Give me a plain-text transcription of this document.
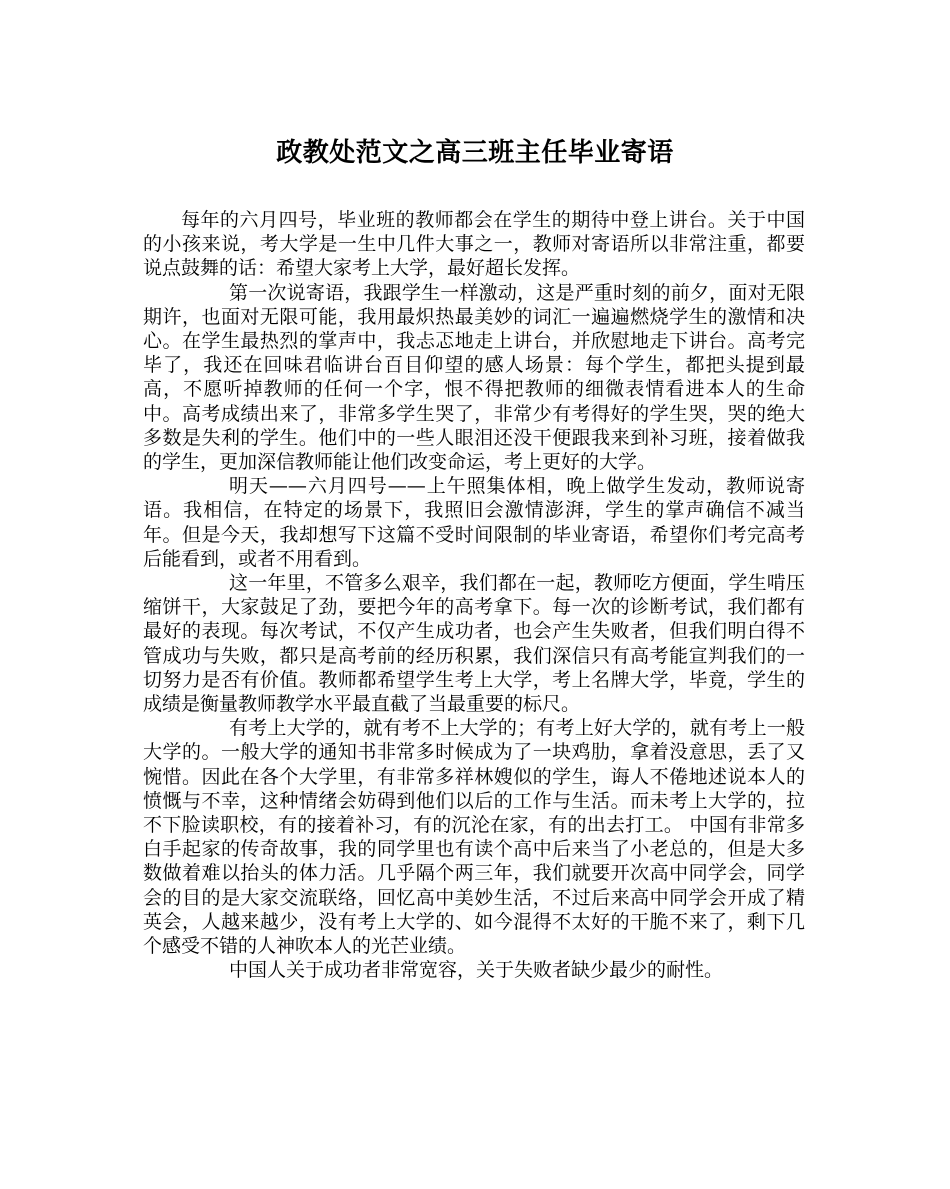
政教处范文之高三班主任毕业寄语

每年的六月四号，毕业班的教师都会在学生的期待中登上讲台。关于中国的小孩来说，考大学是一生中几件大事之一，教师对寄语所以非常注重，都要说点鼓舞的话：希望大家考上大学，最好超长发挥。

第一次说寄语，我跟学生一样激动，这是严重时刻的前夕，面对无限期许，也面对无限可能，我用最炽热最美妙的词汇一遍遍燃烧学生的激情和决心。在学生最热烈的掌声中，我忐忑地走上讲台，并欣慰地走下讲台。高考完毕了，我还在回味君临讲台百目仰望的感人场景：每个学生，都把头提到最高，不愿听掉教师的任何一个字，恨不得把教师的细微表情看进本人的生命中。高考成绩出来了，非常多学生哭了，非常少有考得好的学生哭，哭的绝大多数是失利的学生。他们中的一些人眼泪还没干便跟我来到补习班，接着做我的学生，更加深信教师能让他们改变命运，考上更好的大学。

明天——六月四号——上午照集体相，晚上做学生发动，教师说寄语。我相信，在特定的场景下，我照旧会激情澎湃，学生的掌声确信不减当年。但是今天，我却想写下这篇不受时间限制的毕业寄语，希望你们考完高考后能看到，或者不用看到。

这一年里，不管多么艰辛，我们都在一起，教师吃方便面，学生啃压缩饼干，大家鼓足了劲，要把今年的高考拿下。每一次的诊断考试，我们都有最好的表现。每次考试，不仅产生成功者，也会产生失败者，但我们明白得不管成功与失败，都只是高考前的经历积累，我们深信只有高考能宣判我们的一切努力是否有价值。教师都希望学生考上大学，考上名牌大学，毕竟，学生的成绩是衡量教师教学水平最直截了当最重要的标尺。

有考上大学的，就有考不上大学的；有考上好大学的，就有考上一般大学的。一般大学的通知书非常多时候成为了一块鸡肋，拿着没意思，丢了又惋惜。因此在各个大学里，有非常多祥林嫂似的学生，诲人不倦地述说本人的愤慨与不幸，这种情绪会妨碍到他们以后的工作与生活。而未考上大学的，拉不下脸读职校，有的接着补习，有的沉沦在家，有的出去打工。 中国有非常多白手起家的传奇故事，我的同学里也有读个高中后来当了小老总的，但是大多数做着难以抬头的体力活。几乎隔个两三年，我们就要开次高中同学会，同学会的目的是大家交流联络，回忆高中美妙生活，不过后来高中同学会开成了精英会，人越来越少，没有考上大学的、如今混得不太好的干脆不来了，剩下几个感受不错的人神吹本人的光芒业绩。

中国人关于成功者非常宽容，关于失败者缺少最少的耐性。
